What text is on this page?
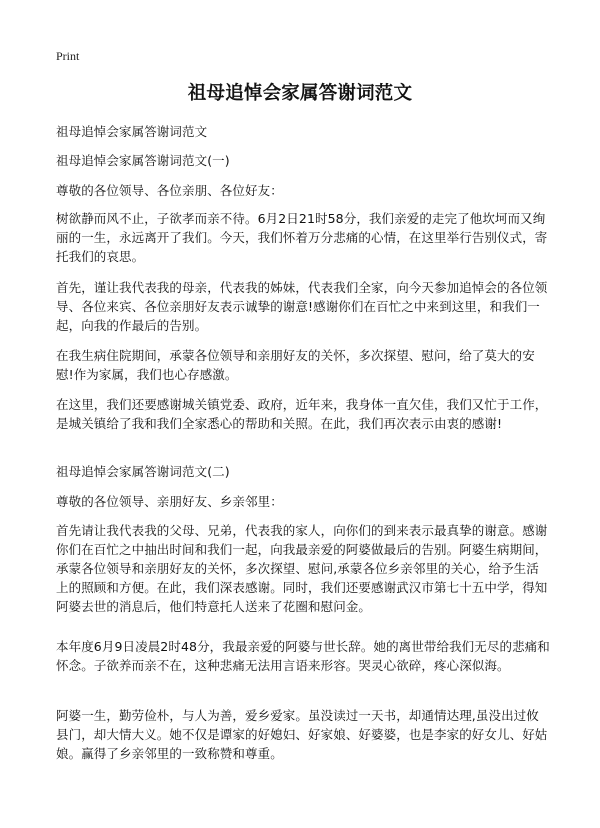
Print
祖母追悼会家属答谢词范文

祖母追悼会家属答谢词范文

祖母追悼会家属答谢词范文(一)

尊敬的各位领导、各位亲朋、各位好友：

树欲静而风不止，子欲孝而亲不待。6月2日21时58分，我们亲爱的走完了他坎坷而又绚丽的一生，永远离开了我们。今天，我们怀着万分悲痛的心情，在这里举行告别仪式，寄托我们的哀思。

首先，谨让我代表我的母亲，代表我的姊妹，代表我们全家，向今天参加追悼会的各位领导、各位来宾、各位亲朋好友表示诚挚的谢意!感谢你们在百忙之中来到这里，和我们一起，向我的作最后的告别。

在我生病住院期间，承蒙各位领导和亲朋好友的关怀，多次探望、慰问，给了莫大的安慰!作为家属，我们也心存感激。

在这里，我们还要感谢城关镇党委、政府，近年来，我身体一直欠佳，我们又忙于工作，是城关镇给了我和我们全家悉心的帮助和关照。在此，我们再次表示由衷的感谢!

祖母追悼会家属答谢词范文(二)

尊敬的各位领导、亲朋好友、乡亲邻里：

首先请让我代表我的父母、兄弟，代表我的家人，向你们的到来表示最真挚的谢意。感谢你们在百忙之中抽出时间和我们一起，向我最亲爱的阿婆做最后的告别。阿婆生病期间，承蒙各位领导和亲朋好友的关怀，多次探望、慰问,承蒙各位乡亲邻里的关心，给予生活上的照顾和方便。在此，我们深表感谢。同时，我们还要感谢武汉市第七十五中学，得知阿婆去世的消息后，他们特意托人送来了花圈和慰问金。

本年度6月9日凌晨2时48分，我最亲爱的阿婆与世长辞。她的离世带给我们无尽的悲痛和怀念。子欲养而亲不在，这种悲痛无法用言语来形容。哭灵心欲碎，疼心深似海。

阿婆一生，勤劳俭朴，与人为善，爱乡爱家。虽没读过一天书，却通情达理,虽没出过攸县门，却大情大义。她不仅是谭家的好媳妇、好家娘、好婆婆，也是李家的好女儿、好姑娘。赢得了乡亲邻里的一致称赞和尊重。
